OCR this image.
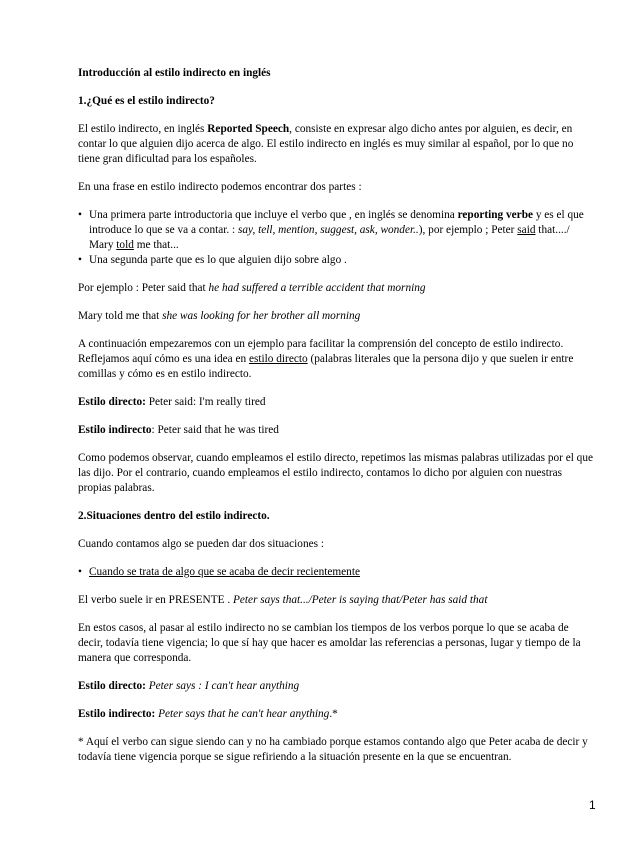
Introducción al estilo indirecto en inglés

1.¿Qué es el estilo indirecto?

El estilo indirecto, en inglés Reported Speech, consiste en expresar algo dicho antes por alguien, es decir, en contar lo que alguien dijo acerca de algo. El estilo indirecto en inglés es muy similar al español, por lo que no tiene gran dificultad para los españoles.

En una frase en estilo indirecto podemos encontrar dos partes :

• Una primera parte introductoria que incluye el verbo que , en inglés se denomina reporting verbe y es el que introduce lo que se va a contar. : say, tell, mention, suggest, ask, wonder..), por ejemplo ; Peter said that..../ Mary told me that...
• Una segunda parte que es lo que alguien dijo sobre algo .

Por ejemplo : Peter said that he had suffered a terrible accident that morning

Mary told me that she was looking for her brother all morning

A continuación empezaremos con un ejemplo para facilitar la comprensión del concepto de estilo indirecto. Reflejamos aquí cómo es una idea en estilo directo (palabras literales que la persona dijo y que suelen ir entre comillas y cómo es en estilo indirecto.

Estilo directo: Peter said: I'm really tired

Estilo indirecto: Peter said that he was tired

Como podemos observar, cuando empleamos el estilo directo, repetimos las mismas palabras utilizadas por el que las dijo. Por el contrario, cuando empleamos el estilo indirecto, contamos lo dicho por alguien con nuestras propias palabras.

2.Situaciones dentro del estilo indirecto.

Cuando contamos algo se pueden dar dos situaciones :

• Cuando se trata de algo que se acaba de decir recientemente

El verbo suele ir en PRESENTE . Peter says that.../Peter is saying that/Peter has said that

En estos casos, al pasar al estilo indirecto no se cambian los tiempos de los verbos porque lo que se acaba de decir, todavía tiene vigencia; lo que sí hay que hacer es amoldar las referencias a personas, lugar y tiempo de la manera que corresponda.

Estilo directo: Peter says : I can't hear anything

Estilo indirecto: Peter says that he can't hear anything.*

* Aquí el verbo can sigue siendo can y no ha cambiado porque estamos contando algo que Peter acaba de decir y todavía tiene vigencia porque se sigue refiriendo a la situación presente en la que se encuentran.

1
